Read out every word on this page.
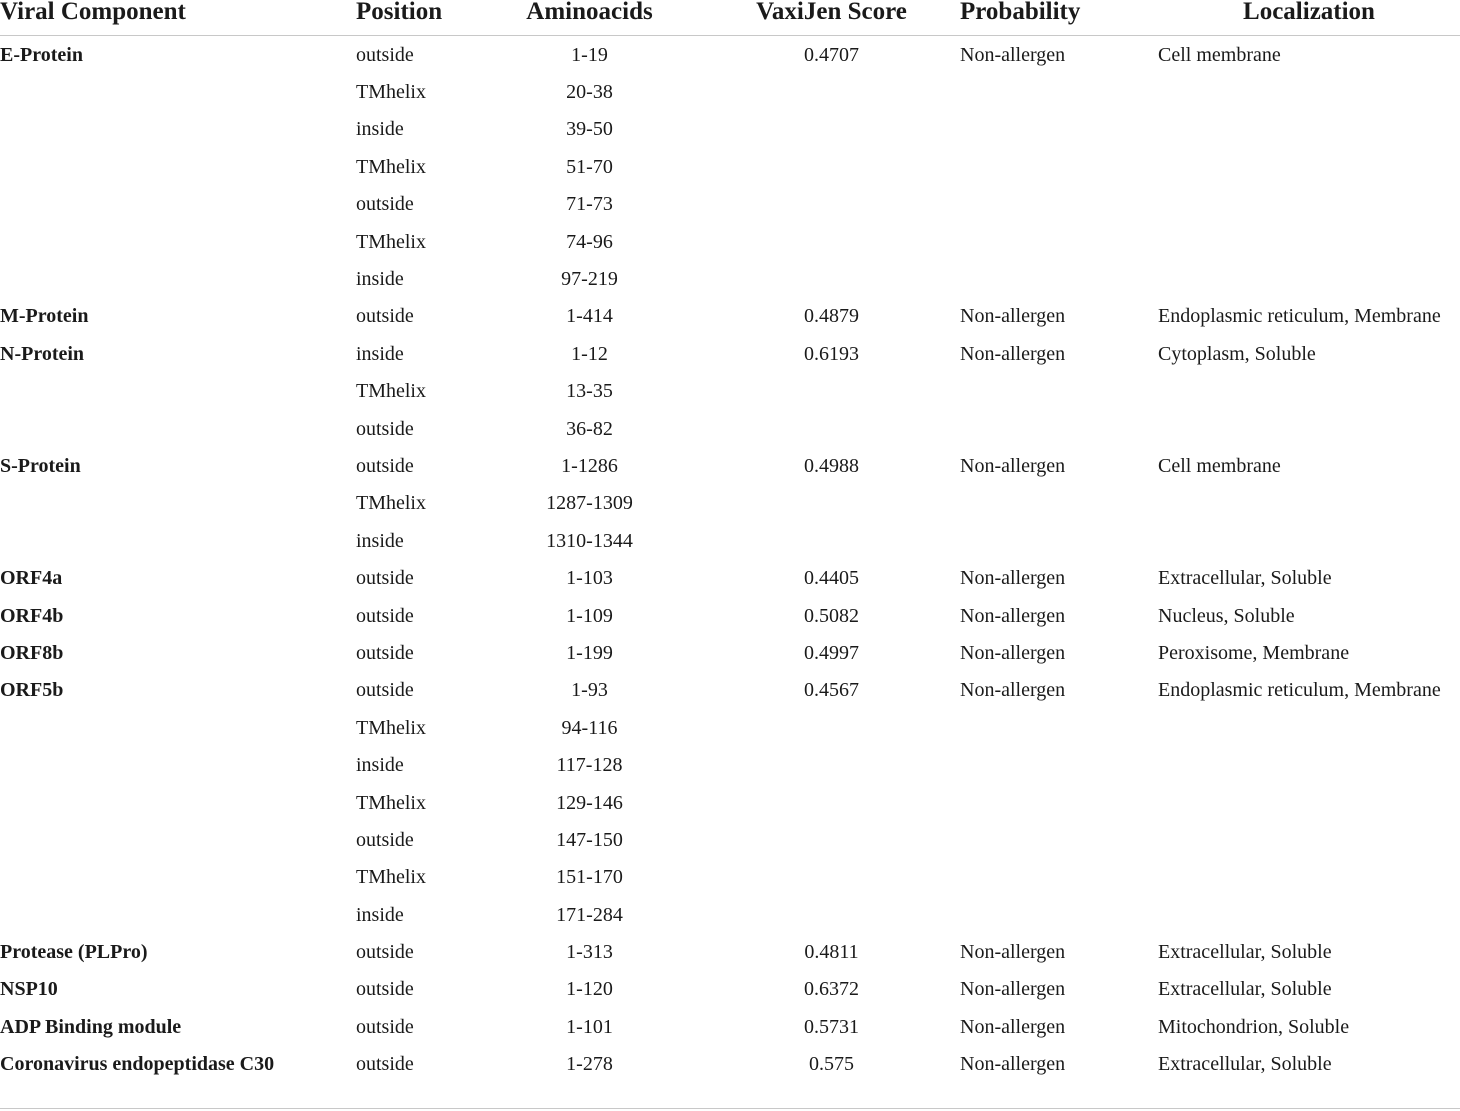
Viral Component	Position	Aminoacids	VaxiJen Score	Probability	Localization
E-Protein	outside	1-19	0.4707	Non-allergen	Cell membrane
	TMhelix	20-38			
	inside	39-50			
	TMhelix	51-70			
	outside	71-73			
	TMhelix	74-96			
	inside	97-219			
M-Protein	outside	1-414	0.4879	Non-allergen	Endoplasmic reticulum, Membrane
N-Protein	inside	1-12	0.6193	Non-allergen	Cytoplasm, Soluble
	TMhelix	13-35			
	outside	36-82			
S-Protein	outside	1-1286	0.4988	Non-allergen	Cell membrane
	TMhelix	1287-1309			
	inside	1310-1344			
ORF4a	outside	1-103	0.4405	Non-allergen	Extracellular, Soluble
ORF4b	outside	1-109	0.5082	Non-allergen	Nucleus, Soluble
ORF8b	outside	1-199	0.4997	Non-allergen	Peroxisome, Membrane
ORF5b	outside	1-93	0.4567	Non-allergen	Endoplasmic reticulum, Membrane
	TMhelix	94-116			
	inside	117-128			
	TMhelix	129-146			
	outside	147-150			
	TMhelix	151-170			
	inside	171-284			
Protease (PLPro)	outside	1-313	0.4811	Non-allergen	Extracellular, Soluble
NSP10	outside	1-120	0.6372	Non-allergen	Extracellular, Soluble
ADP Binding module	outside	1-101	0.5731	Non-allergen	Mitochondrion, Soluble
Coronavirus endopeptidase C30	outside	1-278	0.575	Non-allergen	Extracellular, Soluble
